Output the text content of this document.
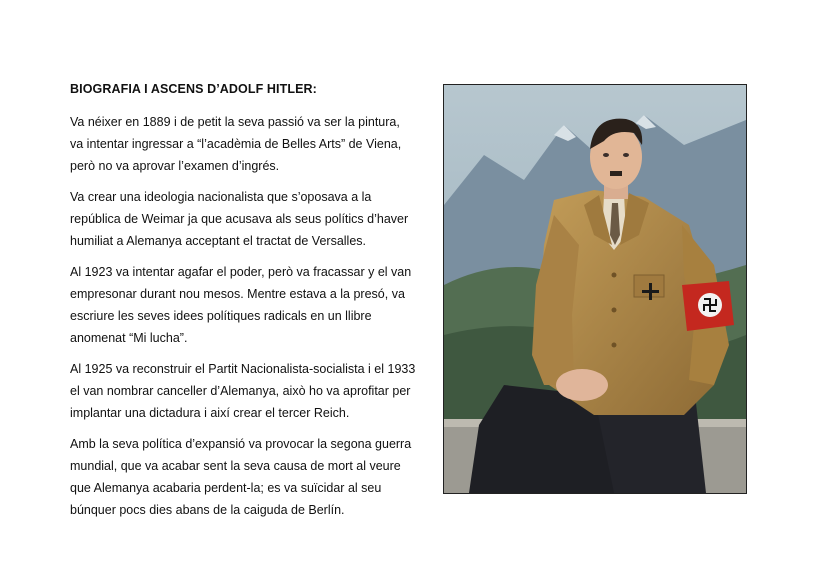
BIOGRAFIA I ASCENS D’ADOLF HITLER:
Va néixer en 1889 i de petit la seva passió va ser la pintura,
va intentar ingressar a “l’acadèmia de Belles Arts” de Viena,
però no va aprovar l’examen d’ingrés.
Va crear una ideologia nacionalista que s’oposava a la
república de Weimar ja que acusava als seus polítics d’haver
humiliat a Alemanya acceptant el tractat de Versalles.
Al 1923 va intentar agafar el poder, però va fracassar y el van
empresonar durant nou mesos. Mentre estava a la presó, va
escriure les seves idees polítiques radicals en un llibre
anomenat “Mi lucha”.
Al 1925 va reconstruir el Partit Nacionalista-socialista i el 1933
el van nombrar canceller d’Alemanya, això ho va aprofitar per
implantar una dictadura i així crear el tercer Reich.
Amb la seva política d’expansió va provocar la segona guerra
mundial, que va acabar sent la seva causa de mort al veure
que Alemanya acabaria perdent-la; es va suïcidar al seu
búnquer pocs dies abans de la caiguda de Berlín.
